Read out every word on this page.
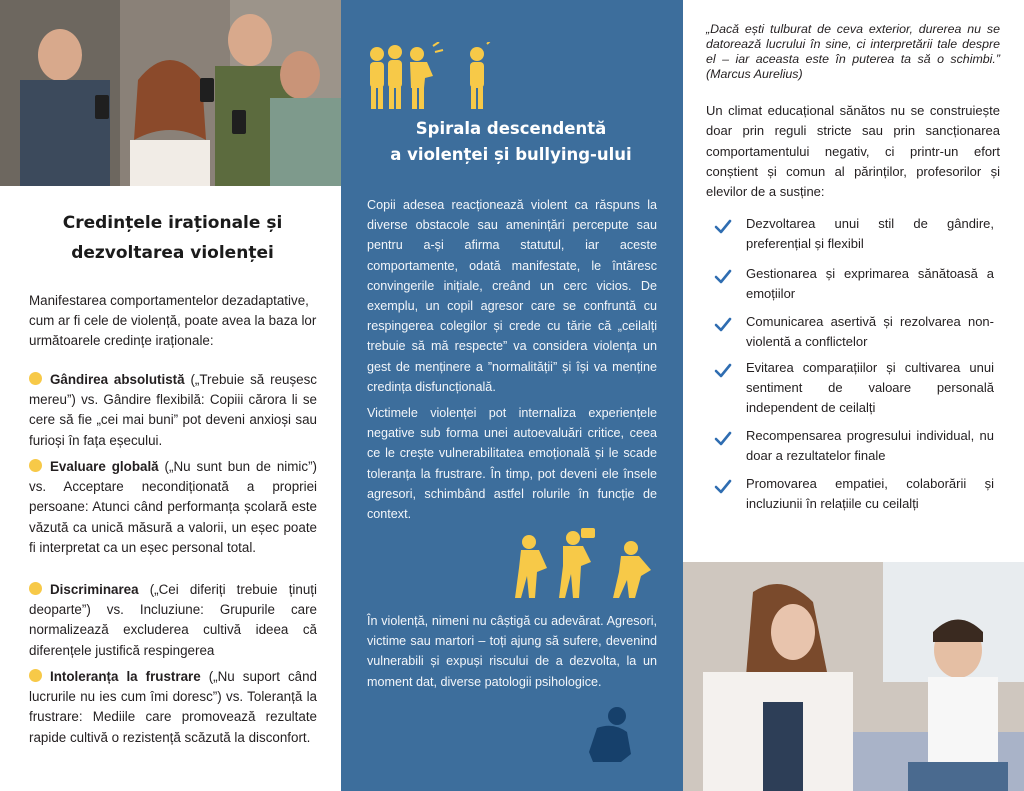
Credințele iraționale și
dezvoltarea violenței
Manifestarea comportamentelor dezadaptative, cum ar fi cele de violență, poate avea la baza lor următoarele credințe iraționale:
Gândirea absolutistă („Trebuie să reușesc mereu”) vs. Gândire flexibilă: Copiii cărora li se cere să fie „cei mai buni” pot deveni anxioși sau furioși în fața eșecului.
Evaluare globală („Nu sunt bun de nimic”) vs. Acceptare necondiționată a propriei persoane: Atunci când performanța școlară este văzută ca unică măsură a valorii, un eșec poate fi interpretat ca un eșec personal total.
Discriminarea („Cei diferiți trebuie ținuți deoparte”) vs. Incluziune: Grupurile care normalizează excluderea cultivă ideea că diferențele justifică respingerea
Intoleranța la frustrare („Nu suport când lucrurile nu ies cum îmi doresc”) vs. Toleranță la frustrare: Mediile care promovează rezultate rapide cultivă o rezistență scăzută la disconfort.
Spirala descendentă
a violenței și bullying-ului
Copii adesea reacționează violent ca răspuns la diverse obstacole sau amenințări percepute sau pentru a-și afirma statutul, iar aceste comportamente, odată manifestate, le întăresc convingerile inițiale, creând un cerc vicios. De exemplu, un copil agresor care se confruntă cu respingerea colegilor și crede cu tărie că „ceilalți trebuie să mă respecte” va considera violența un gest de menținere a ”normalității” și își va menține credința disfuncțională.
Victimele violenței pot internaliza experiențele negative sub forma unei autoevaluări critice, ceea ce le crește vulnerabilitatea emoțională și le scade toleranța la frustrare. În timp, pot deveni ele însele agresori, schimbând astfel rolurile în funcție de context.
În violență, nimeni nu câștigă cu adevărat. Agresori, victime sau martori – toți ajung să sufere, devenind vulnerabili și expuși riscului de a dezvolta, la un moment dat, diverse patologii psihologice.
„Dacă ești tulburat de ceva exterior, durerea nu se datorează lucrului în sine, ci interpretării tale despre el – iar aceasta este în puterea ta să o schimbi.” (Marcus Aurelius)
Un climat educațional sănătos nu se construiește doar prin reguli stricte sau prin sancționarea comportamentului negativ, ci printr-un efort conștient și comun al părinților, profesorilor și elevilor de a susține:
Dezvoltarea unui stil de gândire, preferențial și flexibil
Gestionarea și exprimarea sănătoasă a emoțiilor
Comunicarea asertivă și rezolvarea non-violentă a conflictelor
Evitarea comparațiilor și cultivarea unui sentiment de valoare personală independent de ceilalți
Recompensarea progresului individual, nu doar a rezultatelor finale
Promovarea empatiei, colaborării și incluziunii în relațiile cu ceilalți
